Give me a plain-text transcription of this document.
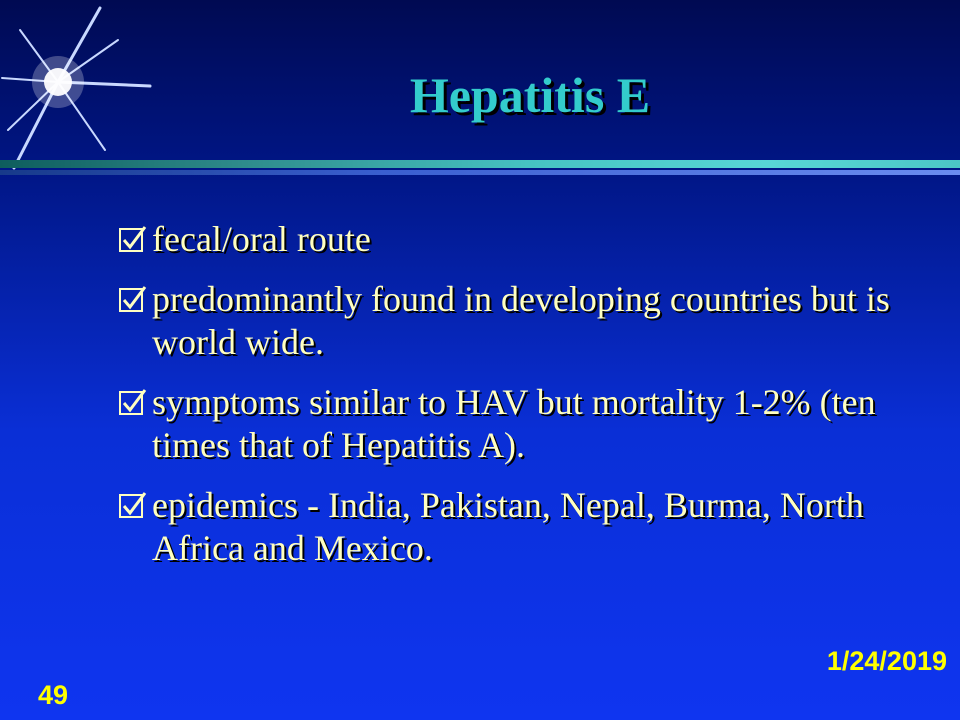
Hepatitis E
fecal/oral route
predominantly found in developing countries but is world wide.
symptoms similar to HAV but mortality 1-2% (ten times that of Hepatitis A).
epidemics - India, Pakistan, Nepal, Burma, North Africa and Mexico.
1/24/2019
49
